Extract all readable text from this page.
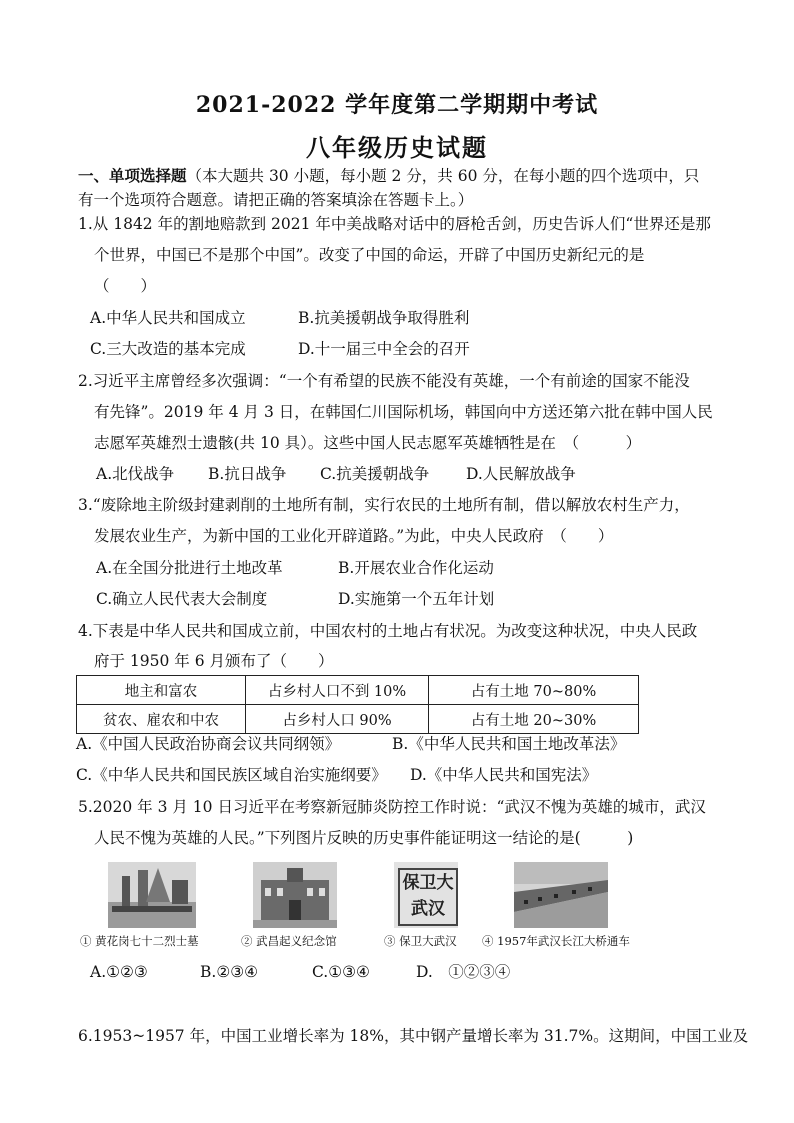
2021-2022 学年度第二学期期中考试
八年级历史试题
一、单项选择题（本大题共 30 小题，每小题 2 分，共 60 分，在每小题的四个选项中，只
有一个选项符合题意。请把正确的答案填涂在答题卡上。）
1.从 1842 年的割地赔款到 2021 年中美战略对话中的唇枪舌剑，历史告诉人们“世界还是那
个世界，中国已不是那个中国”。改变了中国的命运，开辟了中国历史新纪元的是
（　　）
A.中华人民共和国成立	B.抗美援朝战争取得胜利
C.三大改造的基本完成	D.十一届三中全会的召开
2.习近平主席曾经多次强调：“一个有希望的民族不能没有英雄，一个有前途的国家不能没
有先锋”。2019 年 4 月 3 日，在韩国仁川国际机场，韩国向中方送还第六批在韩中国人民
志愿军英雄烈士遗骸(共 10 具）。这些中国人民志愿军英雄牺牲是在　（　　　）
A.北伐战争 B.抗日战争 C.抗美援朝战争 D.人民解放战争
3.“废除地主阶级封建剥削的土地所有制，实行农民的土地所有制，借以解放农村生产力，
发展农业生产，为新中国的工业化开辟道路。”为此，中央人民政府　（　　）
A.在全国分批进行土地改革	B.开展农业合作化运动
C.确立人民代表大会制度	D.实施第一个五年计划
4.下表是中华人民共和国成立前，中国农村的土地占有状况。为改变这种状况，中央人民政
府于 1950 年 6 月颁布了（　　）
地主和富农	占乡村人口不到 10%	占有土地 70~80%
贫农、雇农和中农	占乡村人口 90%	占有土地 20~30%
A.《中国人民政治协商会议共同纲领》	B.《中华人民共和国土地改革法》
C.《中华人民共和国民族区域自治实施纲要》 D.《中华人民共和国宪法》
5.2020 年 3 月 10 日习近平在考察新冠肺炎防控工作时说：“武汉不愧为英雄的城市，武汉
人民不愧为英雄的人民。”下列图片反映的历史事件能证明这一结论的是(　　　)
保卫大武汉
① 黄花岗七十二烈士墓	② 武昌起义纪念馆	③ 保卫大武汉 ④ 1957年武汉长江大桥通车
A.①②③	B.②③④	C.①③④	D.　①②③④
6.1953~1957 年，中国工业增长率为 18%，其中钢产量增长率为 31.7%。这期间，中国工业及
